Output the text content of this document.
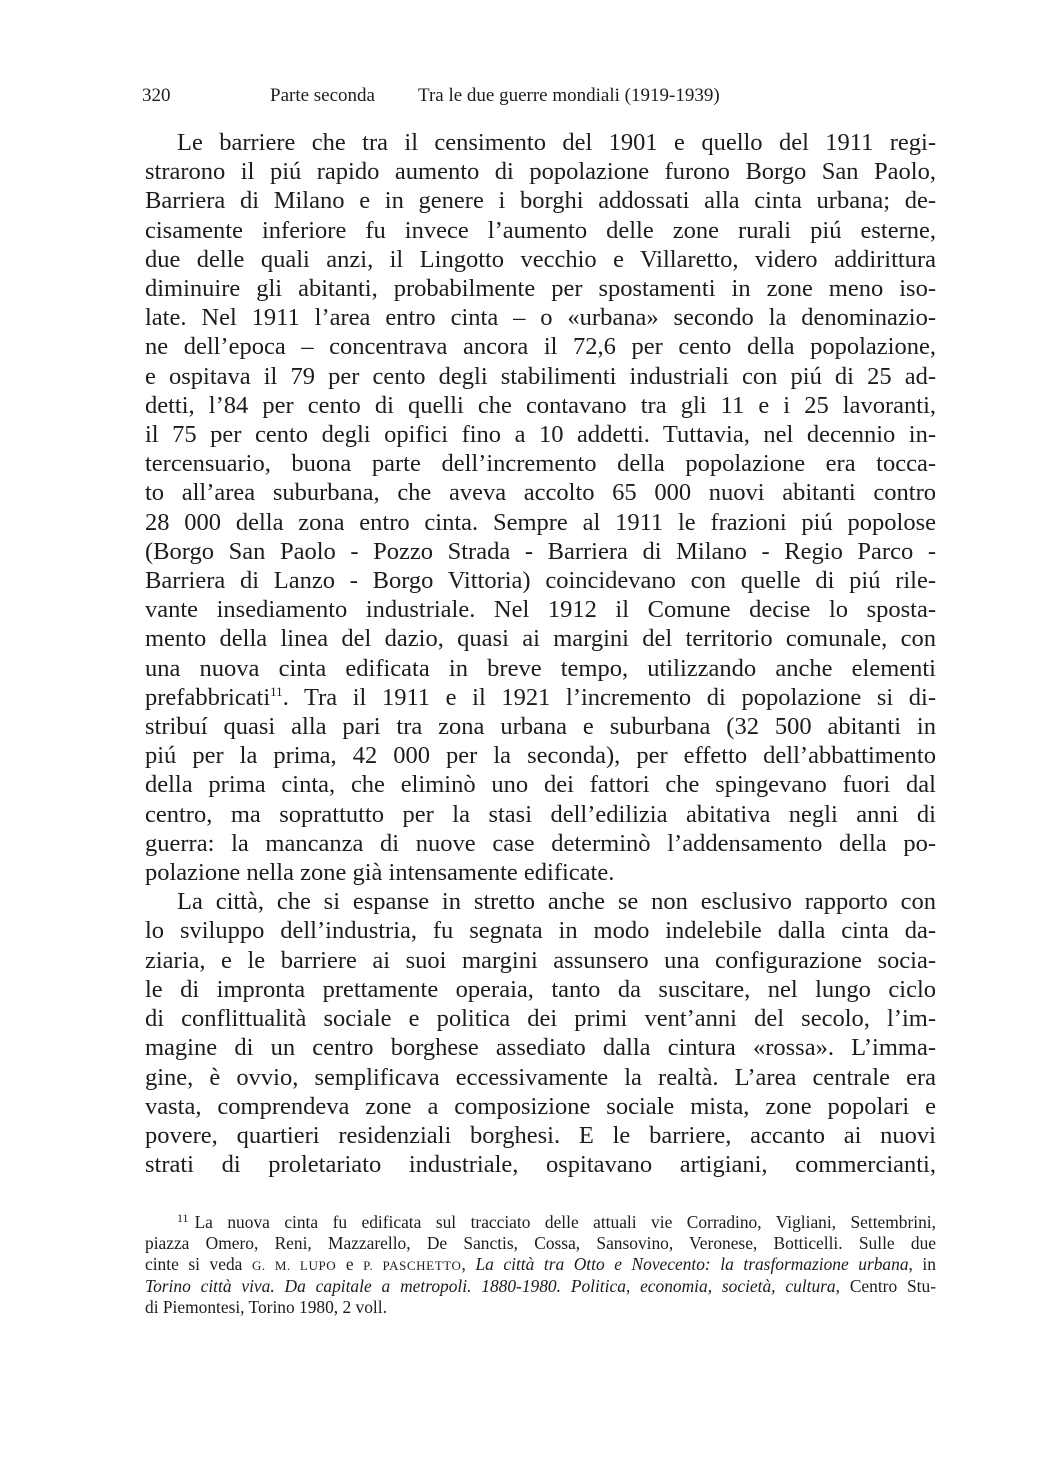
320	Parte seconda Tra le due guerre mondiali (1919-1939)
Le barriere che tra il censimento del 1901 e quello del 1911 regi-
strarono il piú rapido aumento di popolazione furono Borgo San Paolo,
Barriera di Milano e in genere i borghi addossati alla cinta urbana; de-
cisamente inferiore fu invece l’aumento delle zone rurali piú esterne,
due delle quali anzi, il Lingotto vecchio e Villaretto, videro addirittura
diminuire gli abitanti, probabilmente per spostamenti in zone meno iso-
late. Nel 1911 l’area entro cinta – o «urbana» secondo la denominazio-
ne dell’epoca – concentrava ancora il 72,6 per cento della popolazione,
e ospitava il 79 per cento degli stabilimenti industriali con piú di 25 ad-
detti, l’84 per cento di quelli che contavano tra gli 11 e i 25 lavoranti,
il 75 per cento degli opifici fino a 10 addetti. Tuttavia, nel decennio in-
tercensuario, buona parte dell’incremento della popolazione era tocca-
to all’area suburbana, che aveva accolto 65 000 nuovi abitanti contro
28 000 della zona entro cinta. Sempre al 1911 le frazioni piú popolose
(Borgo San Paolo - Pozzo Strada - Barriera di Milano - Regio Parco -
Barriera di Lanzo - Borgo Vittoria) coincidevano con quelle di piú rile-
vante insediamento industriale. Nel 1912 il Comune decise lo sposta-
mento della linea del dazio, quasi ai margini del territorio comunale, con
una nuova cinta edificata in breve tempo, utilizzando anche elementi
prefabbricati$^{11}$. Tra il 1911 e il 1921 l’incremento di popolazione si di-
stribuí quasi alla pari tra zona urbana e suburbana (32 500 abitanti in
piú per la prima, 42 000 per la seconda), per effetto dell’abbattimento
della prima cinta, che eliminò uno dei fattori che spingevano fuori dal
centro, ma soprattutto per la stasi dell’edilizia abitativa negli anni di
guerra: la mancanza di nuove case determinò l’addensamento della po-
polazione nella zone già intensamente edificate.
La città, che si espanse in stretto anche se non esclusivo rapporto con
lo sviluppo dell’industria, fu segnata in modo indelebile dalla cinta da-
ziaria, e le barriere ai suoi margini assunsero una configurazione socia-
le di impronta prettamente operaia, tanto da suscitare, nel lungo ciclo
di conflittualità sociale e politica dei primi vent’anni del secolo, l’im-
magine di un centro borghese assediato dalla cintura «rossa». L’imma-
gine, è ovvio, semplificava eccessivamente la realtà. L’area centrale era
vasta, comprendeva zone a composizione sociale mista, zone popolari e
povere, quartieri residenziali borghesi. E le barriere, accanto ai nuovi
strati di proletariato industriale, ospitavano artigiani, commercianti,
$^{11}$ La nuova cinta fu edificata sul tracciato delle attuali vie Corradino, Vigliani, Settembrini,
piazza Omero, Reni, Mazzarello, De Sanctis, Cossa, Sansovino, Veronese, Botticelli. Sulle due
cinte si veda G. M. LUPO e P. PASCHETTO, La città tra Otto e Novecento: la trasformazione urbana, in
Torino città viva. Da capitale a metropoli. 1880-1980. Politica, economia, società, cultura, Centro Stu-
di Piemontesi, Torino 1980, 2 voll.
